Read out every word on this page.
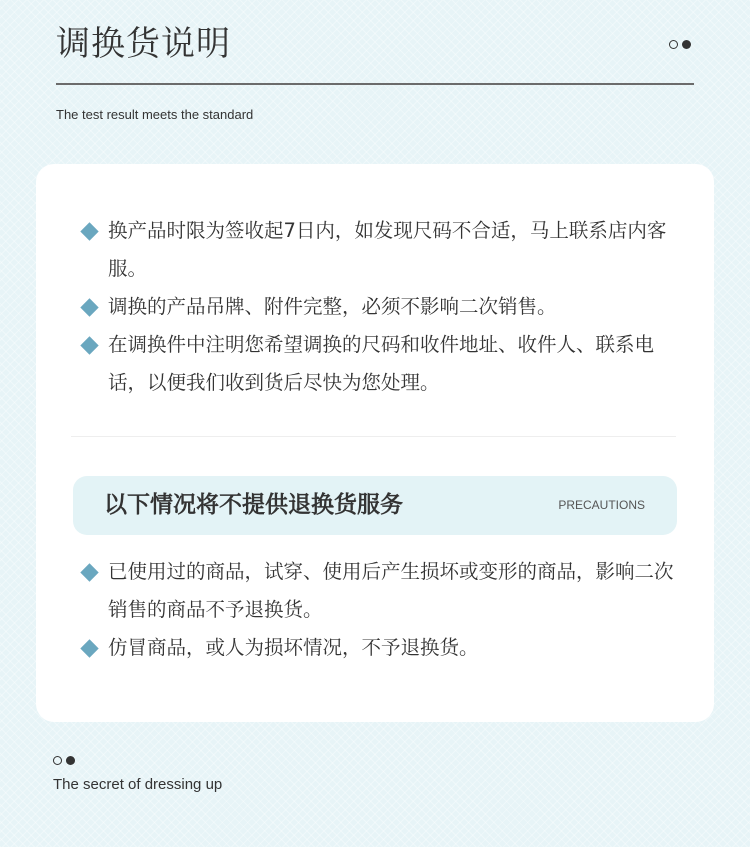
调换货说明
The test result meets the standard
换产品时限为签收起7日内，如发现尺码不合适，马上联系店内客服。
调换的产品吊牌、附件完整，必须不影响二次销售。
在调换件中注明您希望调换的尺码和收件地址、收件人、联系电话，以便我们收到货后尽快为您处理。
以下情况将不提供退换货服务	PRECAUTIONS
已使用过的商品，试穿、使用后产生损坏或变形的商品，影响二次销售的商品不予退换货。
仿冒商品，或人为损坏情况，不予退换货。
The secret of dressing up
